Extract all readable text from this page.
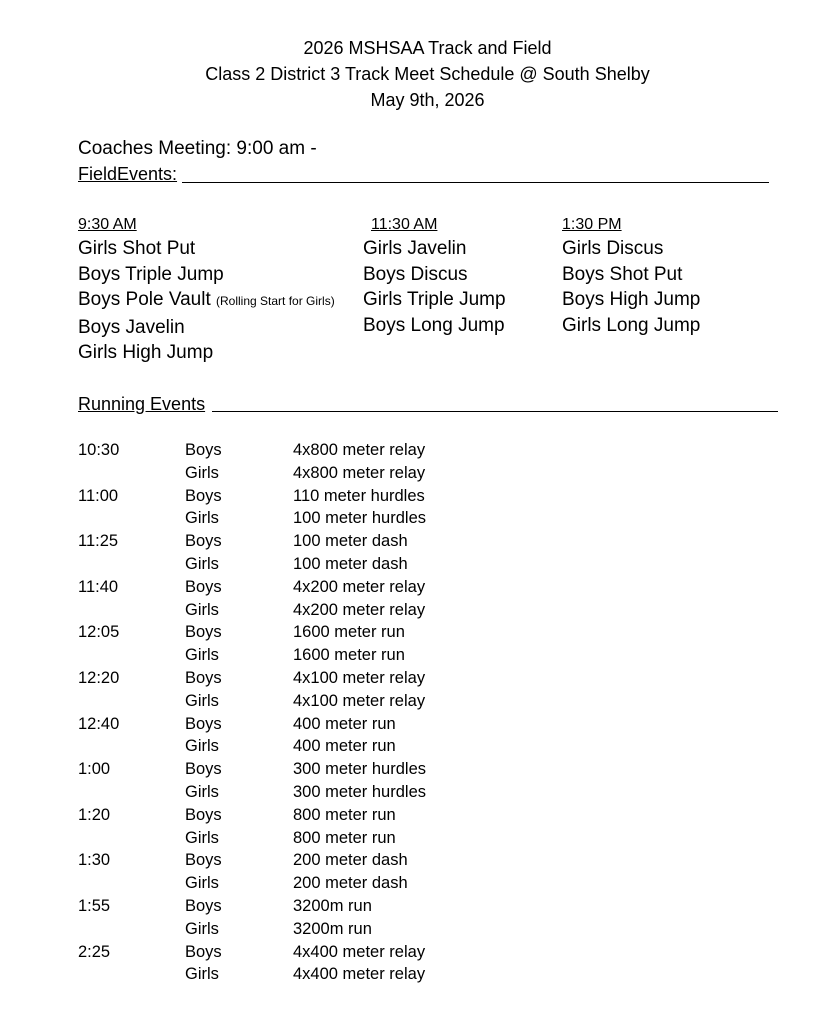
2026 MSHSAA Track and Field
Class 2 District 3 Track Meet Schedule @ South Shelby
May 9th, 2026
Coaches Meeting: 9:00 am -
FieldEvents:
9:30 AM
Girls Shot Put
Boys Triple Jump
Boys Pole Vault (Rolling Start for Girls)
Boys Javelin
Girls High Jump
11:30 AM
Girls Javelin
Boys Discus
Girls Triple Jump
Boys Long Jump
1:30 PM
Girls Discus
Boys Shot Put
Boys High Jump
Girls Long Jump
Running Events
10:30	Boys	4x800 meter relay
Girls	4x800 meter relay
11:00	Boys	110 meter hurdles
Girls	100 meter hurdles
11:25	Boys	100 meter dash
Girls	100 meter dash
11:40	Boys	4x200 meter relay
Girls	4x200 meter relay
12:05	Boys	1600 meter run
Girls	1600 meter run
12:20	Boys	4x100 meter relay
Girls	4x100 meter relay
12:40	Boys	400 meter run
Girls	400 meter run
1:00	Boys	300 meter hurdles
Girls	300 meter hurdles
1:20	Boys	800 meter run
Girls	800 meter run
1:30	Boys	200 meter dash
Girls	200 meter dash
1:55	Boys	3200m run
Girls	3200m run
2:25	Boys	4x400 meter relay
Girls	4x400 meter relay
